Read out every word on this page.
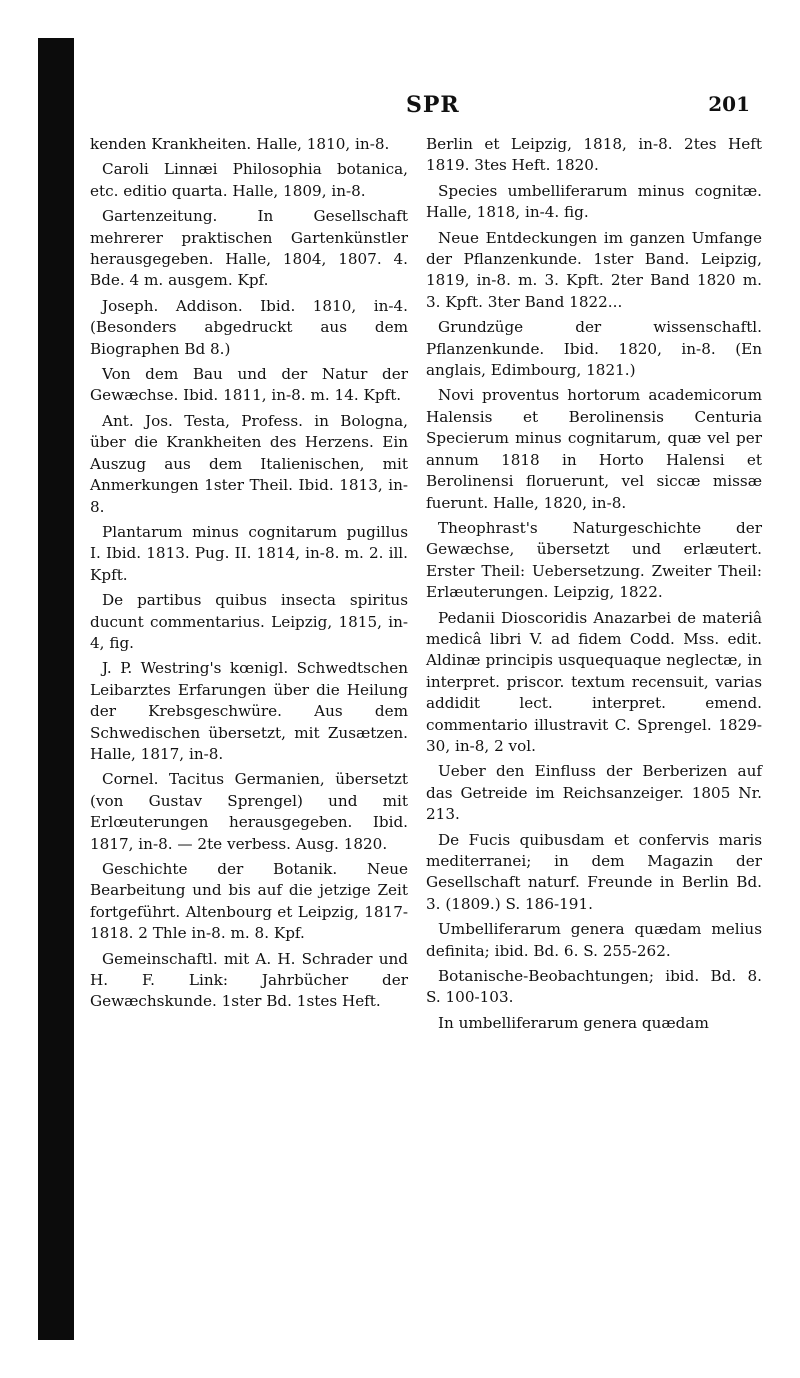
SPR	201

kenden Krankheiten. Halle, 1810, in-8.

Caroli Linnæi Philosophia botanica, etc. editio quarta. Halle, 1809, in-8.

Gartenzeitung. In Gesellschaft mehrerer praktischen Gartenkünstler herausgegeben. Halle, 1804, 1807. 4. Bde. 4 m. ausgem. Kpf.

Joseph. Addison. Ibid. 1810, in-4. (Besonders abgedruckt aus dem Biographen Bd 8.)

Von dem Bau und der Natur der Gewæchse. Ibid. 1811, in-8. m. 14. Kpft.

Ant. Jos. Testa, Profess. in Bologna, über die Krankheiten des Herzens. Ein Auszug aus dem Italienischen, mit Anmerkungen 1ster Theil. Ibid. 1813, in-8.

Plantarum minus cognitarum pugillus I. Ibid. 1813. Pug. II. 1814, in-8. m. 2. ill. Kpft.

De partibus quibus insecta spiritus ducunt commentarius. Leipzig, 1815, in-4, fig.

J. P. Westring's kœnigl. Schwedtschen Leibarztes Erfarungen über die Heilung der Krebsgeschwüre. Aus dem Schwedischen übersetzt, mit Zusætzen. Halle, 1817, in-8.

Cornel. Tacitus Germanien, übersetzt (von Gustav Sprengel) und mit Erlœuterungen herausgegeben. Ibid. 1817, in-8. — 2te verbess. Ausg. 1820.

Geschichte der Botanik. Neue Bearbeitung und bis auf die jetzige Zeit fortgeführt. Altenbourg et Leipzig, 1817-1818. 2 Thle in-8. m. 8. Kpf.

Gemeinschaftl. mit A. H. Schrader und H. F. Link: Jahrbücher der Gewæchskunde. 1ster Bd. 1stes Heft.

Berlin et Leipzig, 1818, in-8. 2tes Heft 1819. 3tes Heft. 1820.

Species umbelliferarum minus cognitæ. Halle, 1818, in-4. fig.

Neue Entdeckungen im ganzen Umfange der Pflanzenkunde. 1ster Band. Leipzig, 1819, in-8. m. 3. Kpft. 2ter Band 1820 m. 3. Kpft. 3ter Band 1822...

Grundzüge der wissenschaftl. Pflanzenkunde. Ibid. 1820, in-8. (En anglais, Edimbourg, 1821.)

Novi proventus hortorum academicorum Halensis et Berolinensis Centuria Specierum minus cognitarum, quæ vel per annum 1818 in Horto Halensi et Berolinensi floruerunt, vel siccæ missæ fuerunt. Halle, 1820, in-8.

Theophrast's Naturgeschichte der Gewæchse, übersetzt und erlæutert. Erster Theil: Uebersetzung. Zweiter Theil: Erlæuterungen. Leipzig, 1822.

Pedanii Dioscoridis Anazarbei de materiâ medicâ libri V. ad fidem Codd. Mss. edit. Aldinæ principis usquequaque neglectæ, in interpret. priscor. textum recensuit, varias addidit lect. interpret. emend. commentario illustravit C. Sprengel. 1829-30, in-8, 2 vol.

Ueber den Einfluss der Berberizen auf das Getreide im Reichsanzeiger. 1805 Nr. 213.

De Fucis quibusdam et confervis maris mediterranei; in dem Magazin der Gesellschaft naturf. Freunde in Berlin Bd. 3. (1809.) S. 186-191.

Umbelliferarum genera quædam melius definita; ibid. Bd. 6. S. 255-262.

Botanische-Beobachtungen; ibid. Bd. 8. S. 100-103.

In umbelliferarum genera quædam
